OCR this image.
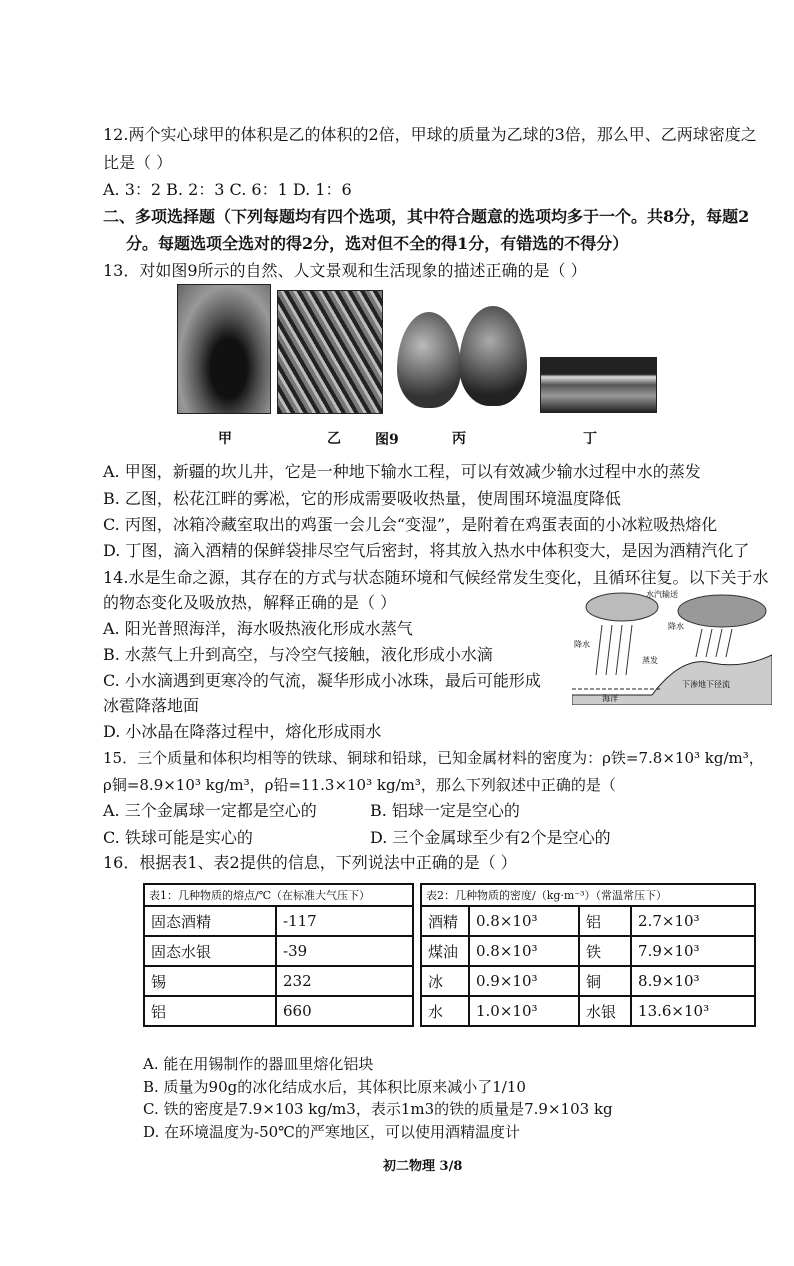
12.两个实心球甲的体积是乙的体积的2倍，甲球的质量为乙球的3倍，那么甲、乙两球密度之
比是（ ）
A. 3：2 B. 2：3 C. 6：1 D. 1：6
二、多项选择题（下列每题均有四个选项，其中符合题意的选项均多于一个。共8分，每题2
分。每题选项全选对的得2分，选对但不全的得1分，有错选的不得分）
13．对如图9所示的自然、人文景观和生活现象的描述正确的是（ ）
甲	乙 图9	丙	丁
A. 甲图，新疆的坎儿井，它是一种地下输水工程，可以有效减少输水过程中水的蒸发
B. 乙图，松花江畔的雾凇，它的形成需要吸收热量，使周围环境温度降低
C. 丙图，冰箱冷藏室取出的鸡蛋一会儿会“变湿”，是附着在鸡蛋表面的小冰粒吸热熔化
D. 丁图，滴入酒精的保鲜袋排尽空气后密封，将其放入热水中体积变大，是因为酒精汽化了
14.水是生命之源，其存在的方式与状态随环境和气候经常发生变化，且循环往复。以下关于水
的物态变化及吸放热，解释正确的是（ ）
A. 阳光普照海洋，海水吸热液化形成水蒸气
B. 水蒸气上升到高空，与冷空气接触，液化形成小水滴
C. 小水滴遇到更寒冷的气流，凝华形成小冰珠，最后可能形成
冰雹降落地面
D. 小冰晶在降落过程中，熔化形成雨水
水汽输送
降水
降水
蒸发
海洋
下渗地下径流
15．三个质量和体积均相等的铁球、铜球和铅球，已知金属材料的密度为：ρ铁=7.8×10³ kg/m³，
ρ铜=8.9×10³ kg/m³，ρ铅=11.3×10³ kg/m³，那么下列叙述中正确的是（
A. 三个金属球一定都是空心的	B. 铝球一定是空心的
C. 铁球可能是实心的	D. 三个金属球至少有2个是空心的
16．根据表1、表2提供的信息，下列说法中正确的是（ ）
表1：几种物质的熔点/℃（在标准大气压下）	
固态酒精	-117
固态水银	-39
锡	232
铝	660
表2：几种物质的密度/（kg·m⁻³）（常温常压下）			
酒精	0.8×10³	铝	2.7×10³
煤油	0.8×10³	铁	7.9×10³
冰	0.9×10³	铜	8.9×10³
水	1.0×10³	水银	13.6×10³
A. 能在用锡制作的器皿里熔化铝块
B. 质量为90g的冰化结成水后，其体积比原来减小了1/10
C. 铁的密度是7.9×103 kg/m3，表示1m3的铁的质量是7.9×103 kg
D. 在环境温度为-50℃的严寒地区，可以使用酒精温度计
初二物理 3/8
